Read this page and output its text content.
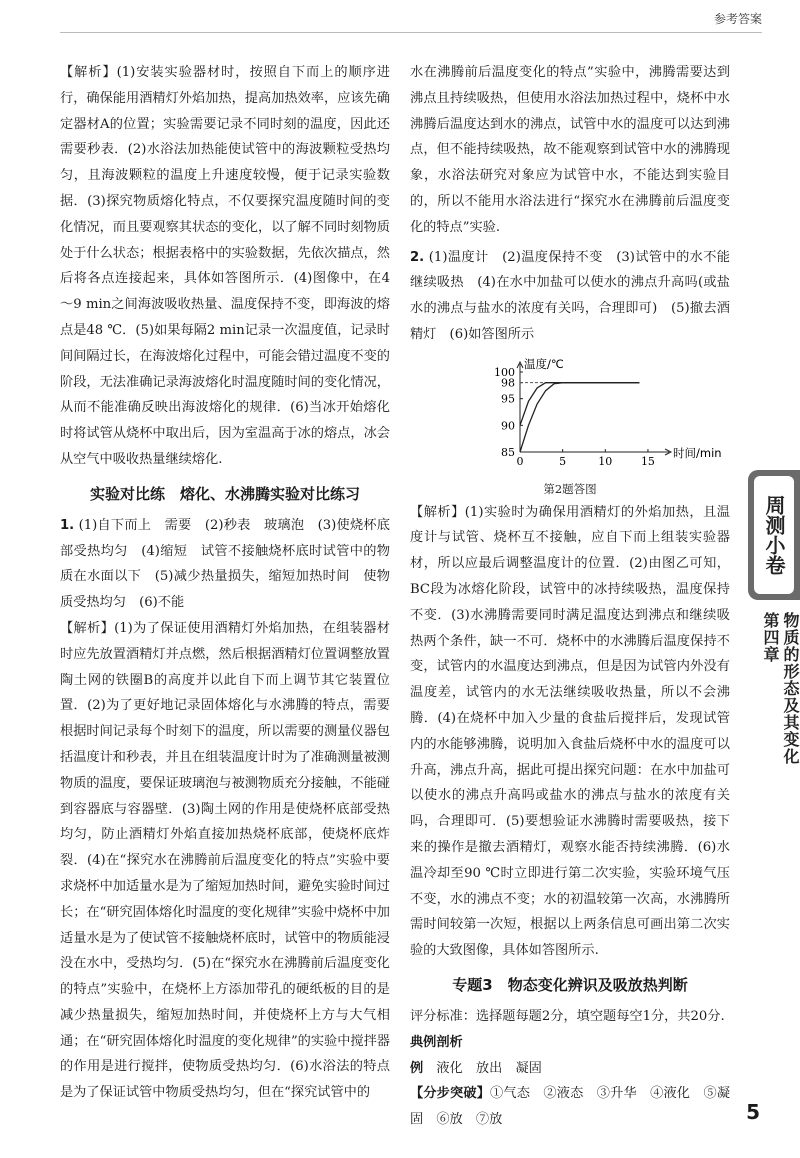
参考答案

【解析】(1)安装实验器材时，按照自下而上的顺序进行，确保能用酒精灯外焰加热，提高加热效率，应该先确定器材A的位置；实验需要记录不同时刻的温度，因此还需要秒表．(2)水浴法加热能使试管中的海波颗粒受热均匀，且海波颗粒的温度上升速度较慢，便于记录实验数据．(3)探究物质熔化特点，不仅要探究温度随时间的变化情况，而且要观察其状态的变化，以了解不同时刻物质处于什么状态；根据表格中的实验数据，先依次描点，然后将各点连接起来，具体如答图所示．(4)图像中，在4～9 min之间海波吸收热量、温度保持不变，即海波的熔点是48 ℃．(5)如果每隔2 min记录一次温度值，记录时间间隔过长，在海波熔化过程中，可能会错过温度不变的阶段，无法准确记录海波熔化时温度随时间的变化情况，从而不能准确反映出海波熔化的规律．(6)当冰开始熔化时将试管从烧杯中取出后，因为室温高于冰的熔点，冰会从空气中吸收热量继续熔化.

实验对比练　熔化、水沸腾实验对比练习

1. (1)自下而上　需要　(2)秒表　玻璃泡　(3)使烧杯底部受热均匀　(4)缩短　试管不接触烧杯底时试管中的物质在水面以下　(5)减少热量损失，缩短加热时间　使物质受热均匀　(6)不能

【解析】(1)为了保证使用酒精灯外焰加热，在组装器材时应先放置酒精灯并点燃，然后根据酒精灯位置调整放置陶土网的铁圈B的高度并以此自下而上调节其它装置位置．(2)为了更好地记录固体熔化与水沸腾的特点，需要根据时间记录每个时刻下的温度，所以需要的测量仪器包括温度计和秒表，并且在组装温度计时为了准确测量被测物质的温度，要保证玻璃泡与被测物质充分接触，不能碰到容器底与容器壁．(3)陶土网的作用是使烧杯底部受热均匀，防止酒精灯外焰直接加热烧杯底部，使烧杯底炸裂．(4)在“探究水在沸腾前后温度变化的特点”实验中要求烧杯中加适量水是为了缩短加热时间，避免实验时间过长；在“研究固体熔化时温度的变化规律”实验中烧杯中加适量水是为了使试管不接触烧杯底时，试管中的物质能浸没在水中，受热均匀．(5)在“探究水在沸腾前后温度变化的特点”实验中，在烧杯上方添加带孔的硬纸板的目的是减少热量损失，缩短加热时间，并使烧杯上方与大气相通；在“研究固体熔化时温度的变化规律”的实验中搅拌器的作用是进行搅拌，使物质受热均匀．(6)水浴法的特点是为了保证试管中物质受热均匀，但在“探究试管中的

水在沸腾前后温度变化的特点”实验中，沸腾需要达到沸点且持续吸热，但使用水浴法加热过程中，烧杯中水沸腾后温度达到水的沸点，试管中水的温度可以达到沸点，但不能持续吸热，故不能观察到试管中水的沸腾现象，水浴法研究对象应为试管中水，不能达到实验目的，所以不能用水浴法进行“探究水在沸腾前后温度变化的特点”实验.

2. (1)温度计　(2)温度保持不变　(3)试管中的水不能继续吸热　(4)在水中加盐可以使水的沸点升高吗(或盐水的沸点与盐水的浓度有关吗，合理即可)　(5)撤去酒精灯　(6)如答图所示

85
90
95
98
100
0	5	10	15
温度/℃
时间/min
第2题答图

【解析】(1)实验时为确保用酒精灯的外焰加热，且温度计与试管、烧杯互不接触，应自下而上组装实验器材，所以应最后调整温度计的位置．(2)由图乙可知，BC段为冰熔化阶段，试管中的冰持续吸热，温度保持不变．(3)水沸腾需要同时满足温度达到沸点和继续吸热两个条件，缺一不可．烧杯中的水沸腾后温度保持不变，试管内的水温度达到沸点，但是因为试管内外没有温度差，试管内的水无法继续吸收热量，所以不会沸腾．(4)在烧杯中加入少量的食盐后搅拌后，发现试管内的水能够沸腾，说明加入食盐后烧杯中水的温度可以升高，沸点升高，据此可提出探究问题：在水中加盐可以使水的沸点升高吗或盐水的沸点与盐水的浓度有关吗，合理即可．(5)要想验证水沸腾时需要吸热，接下来的操作是撤去酒精灯，观察水能否持续沸腾．(6)水温冷却至90 ℃时立即进行第二次实验，实验环境气压不变，水的沸点不变；水的初温较第一次高，水沸腾所需时间较第一次短，根据以上两条信息可画出第二次实验的大致图像，具体如答图所示.

专题3　物态变化辨识及吸放热判断

评分标准：选择题每题2分，填空题每空1分，共20分.

典例剖析

例　 液化　放出　凝固

【分步突破】①气态　②液态　③升华　④液化　⑤凝固　⑥放　⑦放

周测小卷
第四章 物质的形态及其变化
5
